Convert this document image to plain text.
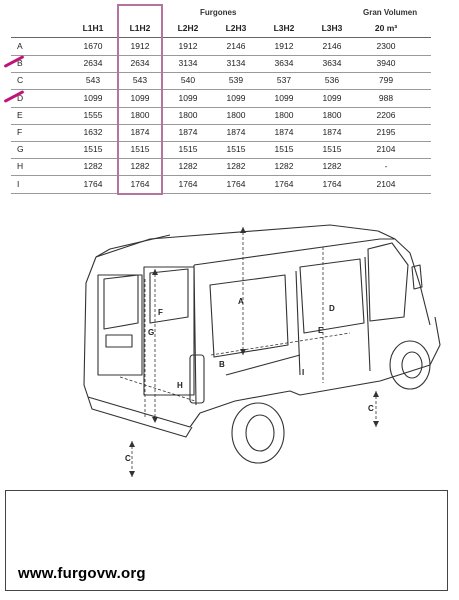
Furgones	Gran Volumen
L1H1	L1H2	L2H2	L2H3	L3H2	L3H3	20 m³
A	1670	1912	1912	2146	1912	2146	2300
B	2634	2634	3134	3134	3634	3634	3940
C	543	543	540	539	537	536	799
D	1099	1099	1099	1099	1099	1099	988
E	1555	1800	1800	1800	1800	1800	2206
F	1632	1874	1874	1874	1874	1874	2195
G	1515	1515	1515	1515	1515	1515	2104
H	1282	1282	1282	1282	1282	1282	-
I	1764	1764	1764	1764	1764	1764	2104
A
B
C
C
D
E
F
G
H
I
www.furgovw.org
